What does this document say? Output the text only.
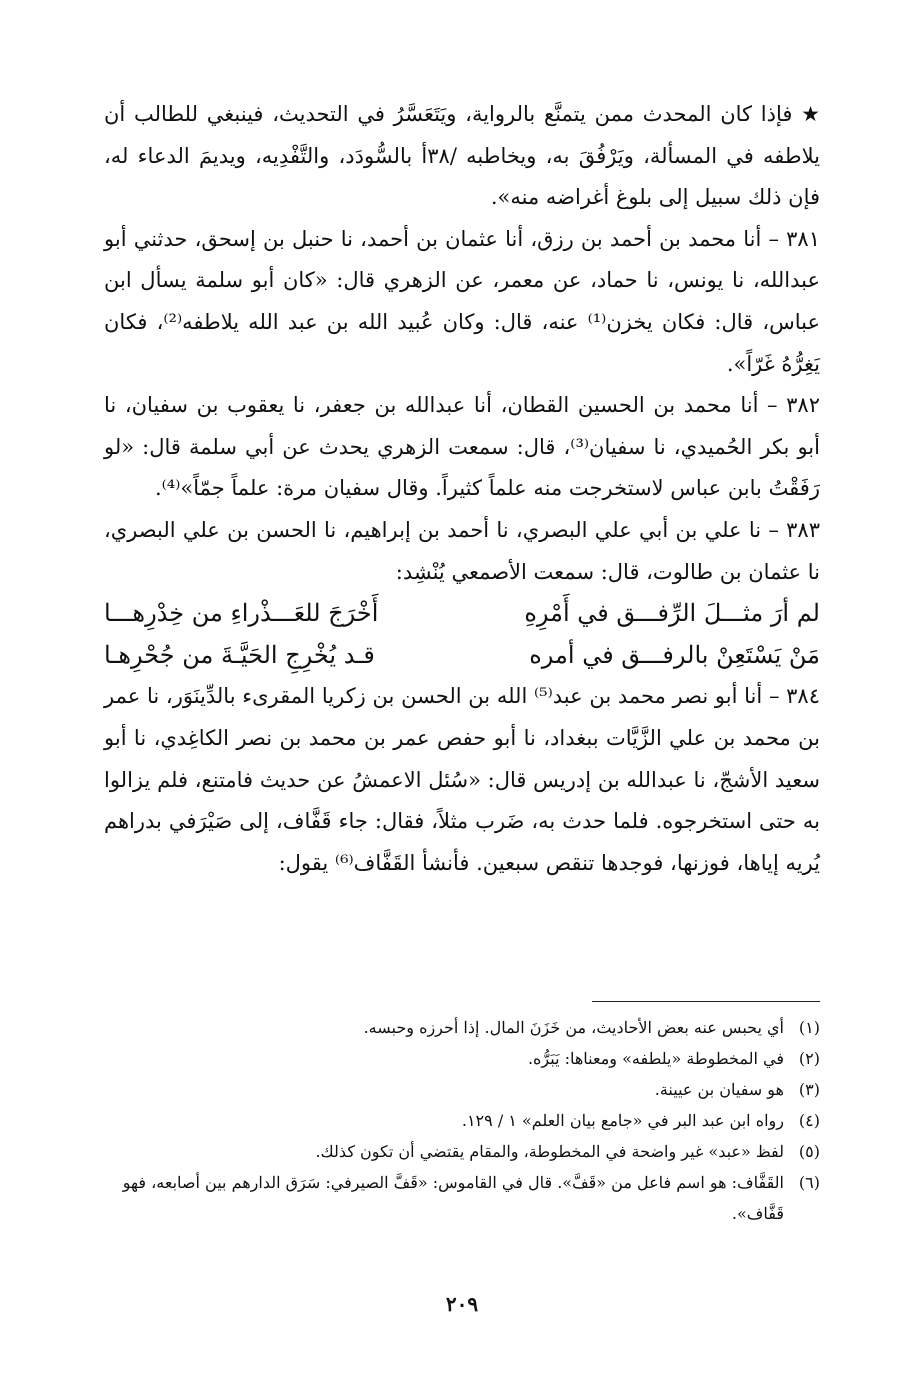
★ فإذا كان المحدث ممن يتمنَّع بالرواية، ويَتَعَسَّرُ في التحديث، فينبغي للطالب أن يلاطفه في المسألة، ويَرْفُقَ به، ويخاطبه /٣٨أ بالسُّودَد، والتَّفْدِيه، ويديمَ الدعاء له، فإن ذلك سبيل إلى بلوغ أغراضه منه».

٣٨١ – أنا محمد بن أحمد بن رزق، أنا عثمان بن أحمد، نا حنبل بن إسحق، حدثني أبو عبدالله، نا يونس، نا حماد، عن معمر، عن الزهري قال: «كان أبو سلمة يسأل ابن عباس، قال: فكان يخزن⁽¹⁾ عنه، قال: وكان عُبيد الله بن عبد الله يلاطفه⁽²⁾، فكان يَغِرُّهُ غَرّاً».

٣٨٢ – أنا محمد بن الحسين القطان، أنا عبدالله بن جعفر، نا يعقوب بن سفيان، نا أبو بكر الحُميدي، نا سفيان⁽³⁾، قال: سمعت الزهري يحدث عن أبي سلمة قال: «لو رَفَقْتُ بابن عباس لاستخرجت منه علماً كثيراً. وقال سفيان مرة: علماً جمّاً»⁽⁴⁾.

٣٨٣ – نا علي بن أبي علي البصري، نا أحمد بن إبراهيم، نا الحسن بن علي البصري، نا عثمان بن طالوت، قال: سمعت الأصمعي يُنْشِد:

لم أرَ مثـــلَ الرِّفـــق في أَمْرِهِ
أَخْرَجَ للعَـــذْراءِ من خِدْرِهـــا
مَنْ يَسْتَعِنْ بالرفـــق في أمره
قـد يُخْرِجِ الحَيَّـةَ من جُحْرِهـا

٣٨٤ – أنا أبو نصر محمد بن عبد⁽⁵⁾ الله بن الحسن بن زكريا المقرىء بالدِّينَوَر، نا عمر بن محمد بن علي الزَّيَّات ببغداد، نا أبو حفص عمر بن محمد بن نصر الكاغِدي، نا أبو سعيد الأشجّ، نا عبدالله بن إدريس قال: «سُئل الاعمشُ عن حديث فامتنع، فلم يزالوا به حتى استخرجوه. فلما حدث به، ضَرب مثلاً، فقال: جاء قَفَّاف، إلى صَيْرَفي بدراهم يُريه إياها، فوزنها، فوجدها تنقص سبعين. فأنشأ القَفَّاف⁽⁶⁾ يقول:

(١)
أي يحبس عنه بعض الأحاديث، من خَزَنَ المال. إذا أحرزه وحبسه.
(٢)
في المخطوطة «يلطفه» ومعناها: يَبَرُّه.
(٣)
هو سفيان بن عيينة.
(٤)
رواه ابن عبد البر في «جامع بيان العلم» ١ / ١٢٩.
(٥)
لفظ «عبد» غير واضحة في المخطوطة، والمقام يقتضي أن تكون كذلك.
(٦)
القَفَّاف: هو اسم فاعل من «قَفَّ». قال في القاموس: «قَفَّ الصيرفي: سَرَق الدارهم بين أصابعه، فهو قَفَّاف».
٢٠٩
